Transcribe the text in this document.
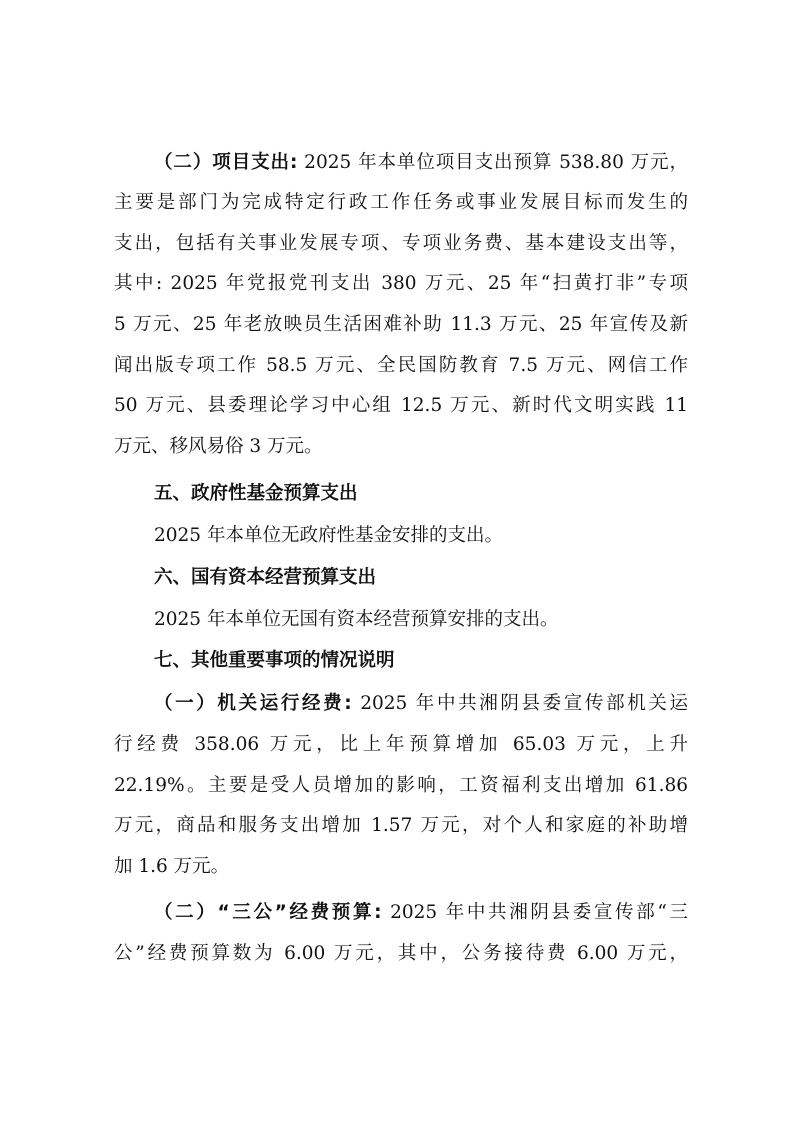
（二）项目支出: 2025 年本单位项目支出预算 538.80 万元，
主要是部门为完成特定行政工作任务或事业发展目标而发生的
支出，包括有关事业发展专项、专项业务费、基本建设支出等，
其中: 2025 年党报党刊支出 380 万元、25 年“扫黄打非”专项
5 万元、25 年老放映员生活困难补助 11.3 万元、25 年宣传及新
闻出版专项工作 58.5 万元、全民国防教育 7.5 万元、网信工作
50 万元、县委理论学习中心组 12.5 万元、新时代文明实践 11
万元、移风易俗 3 万元。
五、政府性基金预算支出
2025 年本单位无政府性基金安排的支出。
六、国有资本经营预算支出
2025 年本单位无国有资本经营预算安排的支出。
七、其他重要事项的情况说明
（一）机关运行经费: 2025 年中共湘阴县委宣传部机关运
行经费 358.06 万元，比上年预算增加 65.03 万元，上升
22.19%。主要是受人员增加的影响，工资福利支出增加 61.86
万元，商品和服务支出增加 1.57 万元，对个人和家庭的补助增
加 1.6 万元。
（二）“三公”经费预算: 2025 年中共湘阴县委宣传部“三
公”经费预算数为 6.00 万元，其中，公务接待费 6.00 万元，
